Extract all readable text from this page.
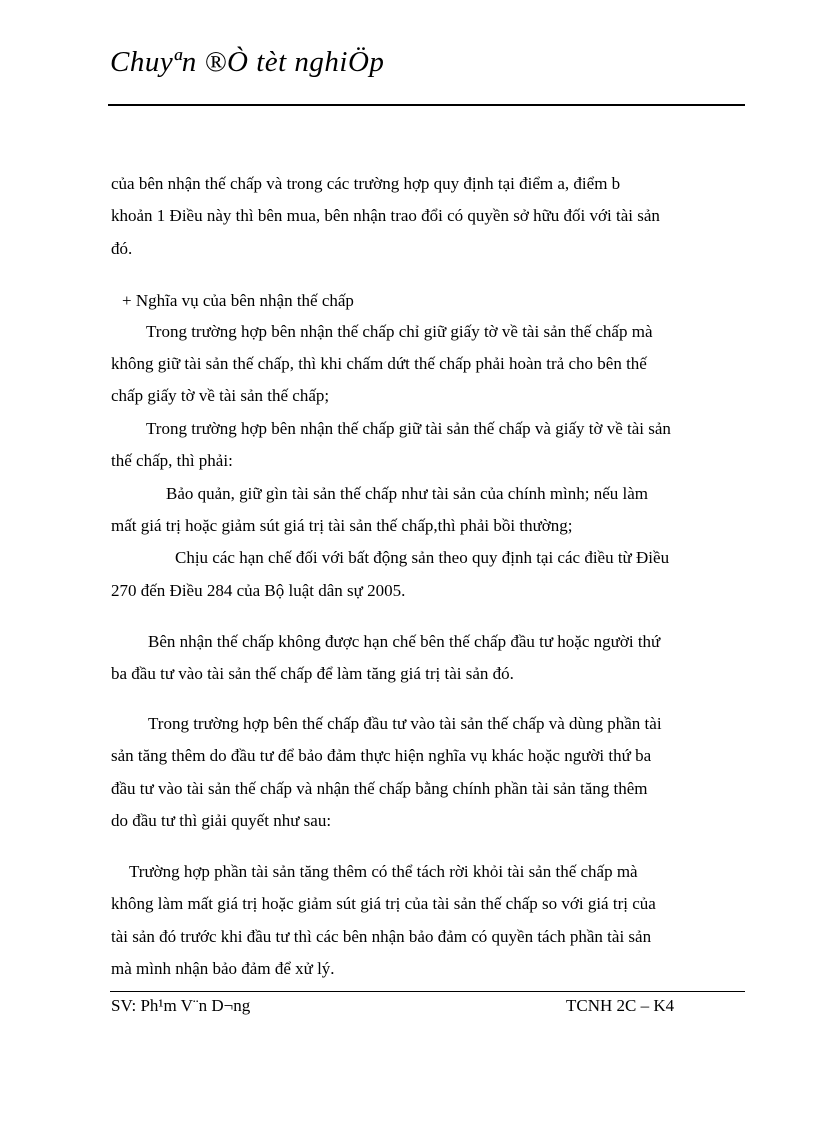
Chuyªn ®Ò tèt nghiÖp
của bên nhận thế chấp và trong các trường hợp quy định tại điểm a, điểm b
khoản 1 Điều này thì bên mua, bên nhận trao đổi có quyền sở hữu đối với tài sản
đó.
+ Nghĩa vụ của bên nhận thế chấp
Trong trường hợp bên nhận thế chấp chỉ giữ giấy tờ về tài sản thế chấp mà
không giữ tài sản thế chấp, thì khi chấm dứt thế chấp phải hoàn trả cho bên thế
chấp giấy tờ về tài sản thế chấp;
Trong trường hợp bên nhận thế chấp giữ tài sản thế chấp và giấy tờ về tài sản
thế chấp, thì phải:
Bảo quản, giữ gìn tài sản thế chấp như tài sản của chính mình; nếu làm
mất giá trị hoặc giảm sút giá trị tài sản thế chấp,thì phải bồi thường;
Chịu các hạn chế đối với bất động sản theo quy định tại các điều từ Điều
270 đến Điều 284 của Bộ luật dân sự 2005.
Bên nhận thế chấp không được hạn chế bên thế chấp đầu tư hoặc người thứ
ba đầu tư vào tài sản thế chấp để làm tăng giá trị tài sản đó.
Trong trường hợp bên thế chấp đầu tư vào tài sản thế chấp và dùng phần tài
sản tăng thêm do đầu tư để bảo đảm thực hiện nghĩa vụ khác hoặc người thứ ba
đầu tư vào tài sản thế chấp và nhận thế chấp bằng chính phần tài sản tăng thêm
do đầu tư thì giải quyết như sau:
Trường hợp phần tài sản tăng thêm có thể tách rời khỏi tài sản thế chấp mà
không làm mất giá trị hoặc giảm sút giá trị của tài sản thế chấp so với giá trị của
tài sản đó trước khi đầu tư thì các bên nhận bảo đảm có quyền tách phần tài sản
mà mình nhận bảo đảm để xử lý.
SV: Ph¹m V¨n D¬ng	TCNH 2C – K4
